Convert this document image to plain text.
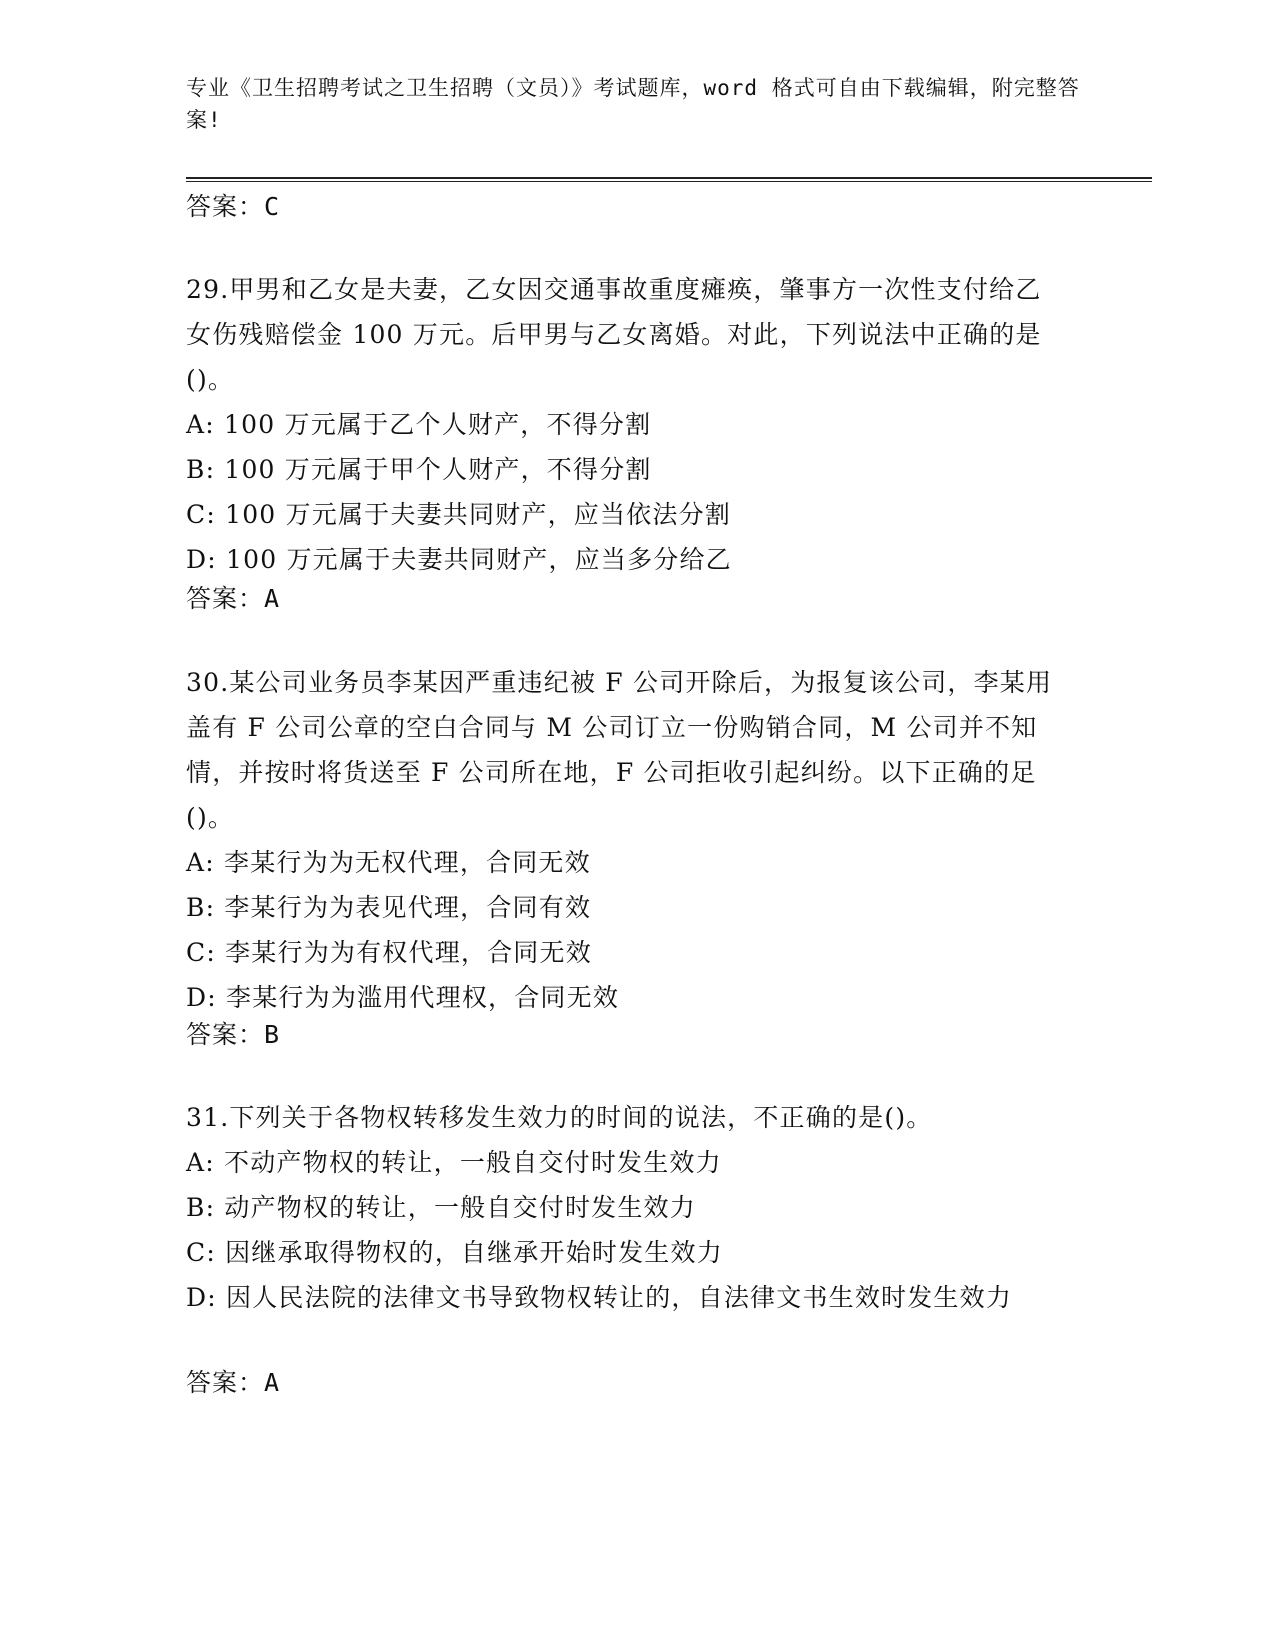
专业《卫生招聘考试之卫生招聘（文员）》考试题库，word 格式可自由下载编辑，附完整答案!
答案：C

29.甲男和乙女是夫妻，乙女因交通事故重度瘫痪，肇事方一次性支付给乙女伤残赔偿金 100 万元。后甲男与乙女离婚。对此，下列说法中正确的是()。

A: 100 万元属于乙个人财产，不得分割

B: 100 万元属于甲个人财产，不得分割

C: 100 万元属于夫妻共同财产，应当依法分割

D: 100 万元属于夫妻共同财产，应当多分给乙

答案：A

30.某公司业务员李某因严重违纪被 F 公司开除后，为报复该公司，李某用盖有 F 公司公章的空白合同与 M 公司订立一份购销合同，M 公司并不知情，并按时将货送至 F 公司所在地，F 公司拒收引起纠纷。以下正确的足()。

A: 李某行为为无权代理，合同无效

B: 李某行为为表见代理，合同有效

C: 李某行为为有权代理，合同无效

D: 李某行为为滥用代理权，合同无效

答案：B

31.下列关于各物权转移发生效力的时间的说法，不正确的是()。

A: 不动产物权的转让，一般自交付时发生效力

B: 动产物权的转让，一般自交付时发生效力

C: 因继承取得物权的，自继承开始时发生效力

D: 因人民法院的法律文书导致物权转让的，自法律文书生效时发生效力

答案：A
